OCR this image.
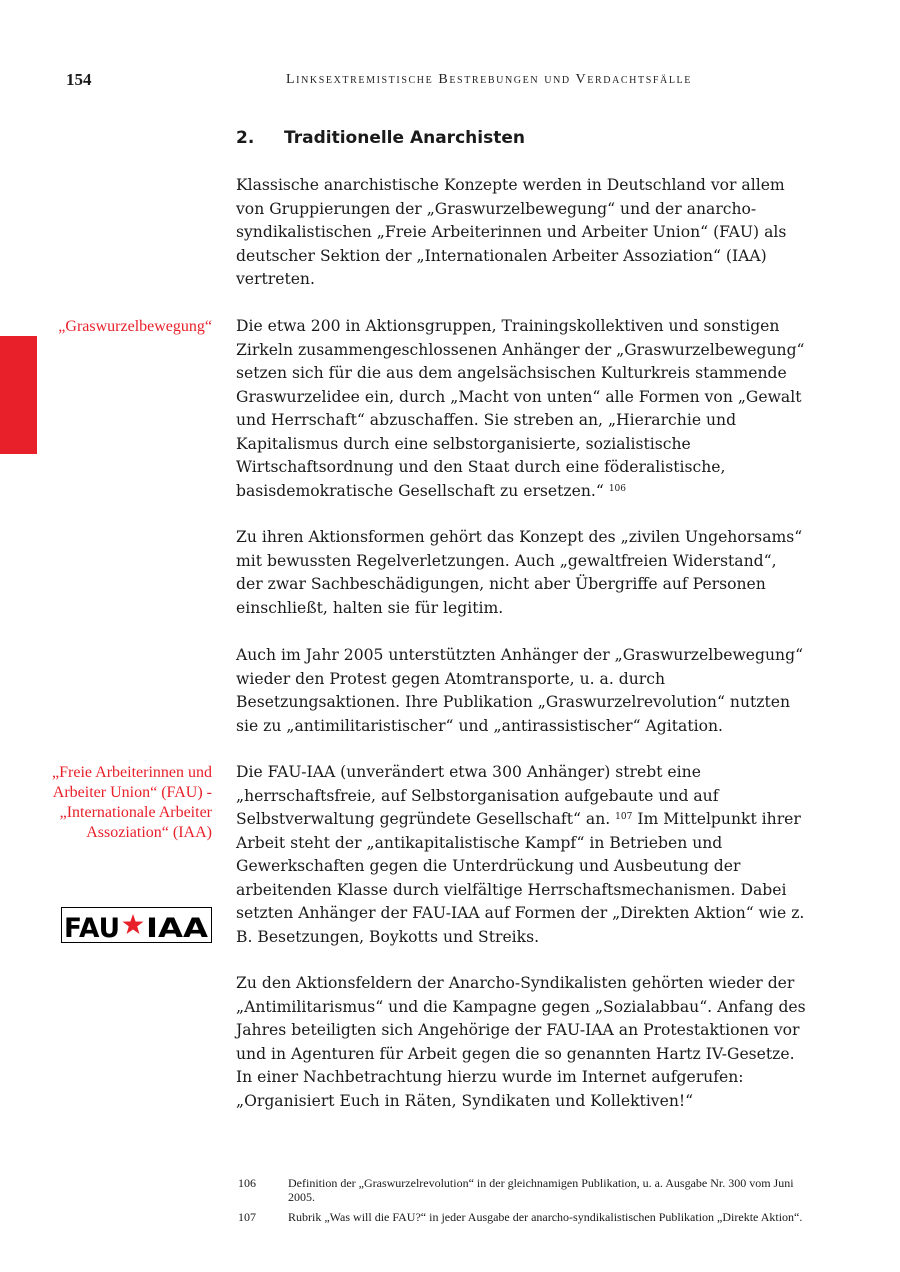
154	Linksextremistische Bestrebungen und Verdachtsfälle
2. Traditionelle Anarchisten

Klassische anarchistische Konzepte werden in Deutschland vor allem von Gruppierungen der „Graswurzelbewegung“ und der anarcho-syndikalistischen „Freie Arbeiterinnen und Arbeiter Union“ (FAU) als deutscher Sektion der „Internationalen Arbeiter Assoziation“ (IAA) vertreten.

Die etwa 200 in Aktionsgruppen, Trainingskollektiven und sonstigen Zirkeln zusammengeschlossenen Anhänger der „Graswurzelbewegung“ setzen sich für die aus dem angelsächsischen Kulturkreis stammende Graswurzelidee ein, durch „Macht von unten“ alle Formen von „Gewalt und Herrschaft“ abzuschaffen. Sie streben an, „Hierarchie und Kapitalismus durch eine selbstorganisierte, sozialistische Wirtschaftsordnung und den Staat durch eine föderalistische, basisdemokratische Gesellschaft zu ersetzen.“ $^{106}$

Zu ihren Aktionsformen gehört das Konzept des „zivilen Ungehorsams“ mit bewussten Regelverletzungen. Auch „gewaltfreien Widerstand“, der zwar Sachbeschädigungen, nicht aber Übergriffe auf Personen einschließt, halten sie für legitim.

Auch im Jahr 2005 unterstützten Anhänger der „Graswurzelbewegung“ wieder den Protest gegen Atomtransporte, u. a. durch Besetzungsaktionen. Ihre Publikation „Graswurzelrevolution“ nutzten sie zu „antimilitaristischer“ und „antirassistischer“ Agitation.

Die FAU-IAA (unverändert etwa 300 Anhänger) strebt eine „herrschaftsfreie, auf Selbstorganisation aufgebaute und auf Selbstverwaltung gegründete Gesellschaft“ an. $^{107}$ Im Mittelpunkt ihrer Arbeit steht der „antikapitalistische Kampf“ in Betrieben und Gewerkschaften gegen die Unterdrückung und Ausbeutung der arbeitenden Klasse durch vielfältige Herrschaftsmechanismen. Dabei setzten Anhänger der FAU-IAA auf Formen der „Direkten Aktion“ wie z. B. Besetzungen, Boykotts und Streiks.

Zu den Aktionsfeldern der Anarcho-Syndikalisten gehörten wieder der „Antimilitarismus“ und die Kampagne gegen „Sozialabbau“. Anfang des Jahres beteiligten sich Angehörige der FAU-IAA an Protestaktionen vor und in Agenturen für Arbeit gegen die so genannten Hartz IV-Gesetze. In einer Nachbetrachtung hierzu wurde im Internet aufgerufen: „Organisiert Euch in Räten, Syndikaten und Kollektiven!“

„Graswurzelbewegung“
„Freie Arbeiterinnen und Arbeiter Union“ (FAU) - „Internationale Arbeiter Assoziation“ (IAA)
FAU IAA
106	Definition der „Graswurzelrevolution“ in der gleichnamigen Publikation, u. a. Ausgabe Nr. 300 vom Juni 2005.
107	Rubrik „Was will die FAU?“ in jeder Ausgabe der anarcho-syndikalistischen Publikation „Direkte Aktion“.
